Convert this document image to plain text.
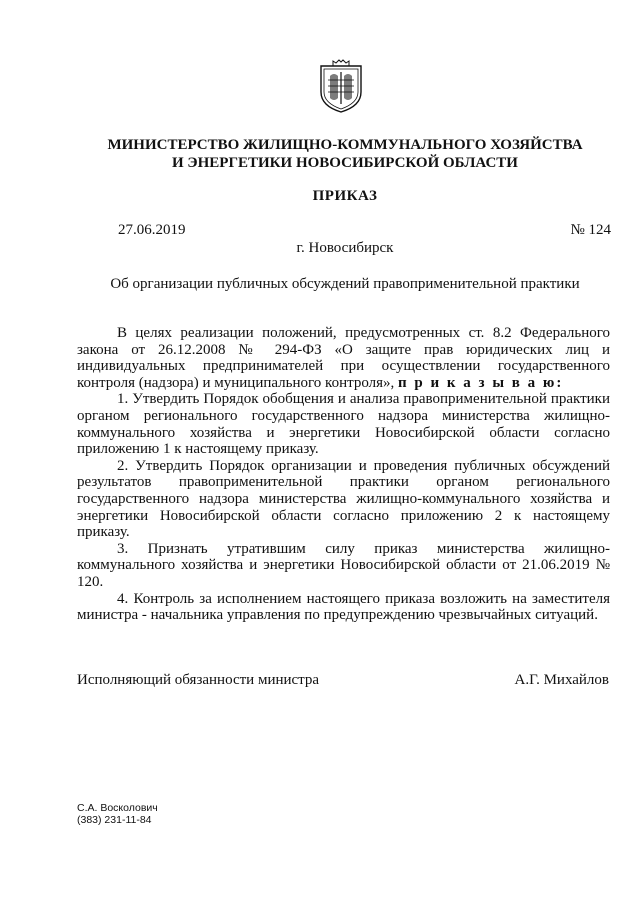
МИНИСТЕРСТВО ЖИЛИЩНО-КОММУНАЛЬНОГО ХОЗЯЙСТВА
И ЭНЕРГЕТИКИ НОВОСИБИРСКОЙ ОБЛАСТИ
ПРИКАЗ
27.06.2019	№ 124
г. Новосибирск
Об организации публичных обсуждений правоприменительной практики

В целях реализации положений, предусмотренных ст. 8.2 Федерального закона от 26.12.2008 № 294-ФЗ «О защите прав юридических лиц и индивидуальных предпринимателей при осуществлении государственного контроля (надзора) и муниципального контроля», п р и к а з ы в а ю:

1. Утвердить Порядок обобщения и анализа правоприменительной практики органом регионального государственного надзора министерства жилищно-коммунального хозяйства и энергетики Новосибирской области согласно приложению 1 к настоящему приказу.

2. Утвердить Порядок организации и проведения публичных обсуждений результатов правоприменительной практики органом регионального государственного надзора министерства жилищно-коммунального хозяйства и энергетики Новосибирской области согласно приложению 2 к настоящему приказу.

3. Признать утратившим силу приказ министерства жилищно-коммунального хозяйства и энергетики Новосибирской области от 21.06.2019 № 120.

4. Контроль за исполнением настоящего приказа возложить на заместителя министра - начальника управления по предупреждению чрезвычайных ситуаций.

Исполняющий обязанности министра	А.Г. Михайлов
С.А. Восколович
(383) 231-11-84
